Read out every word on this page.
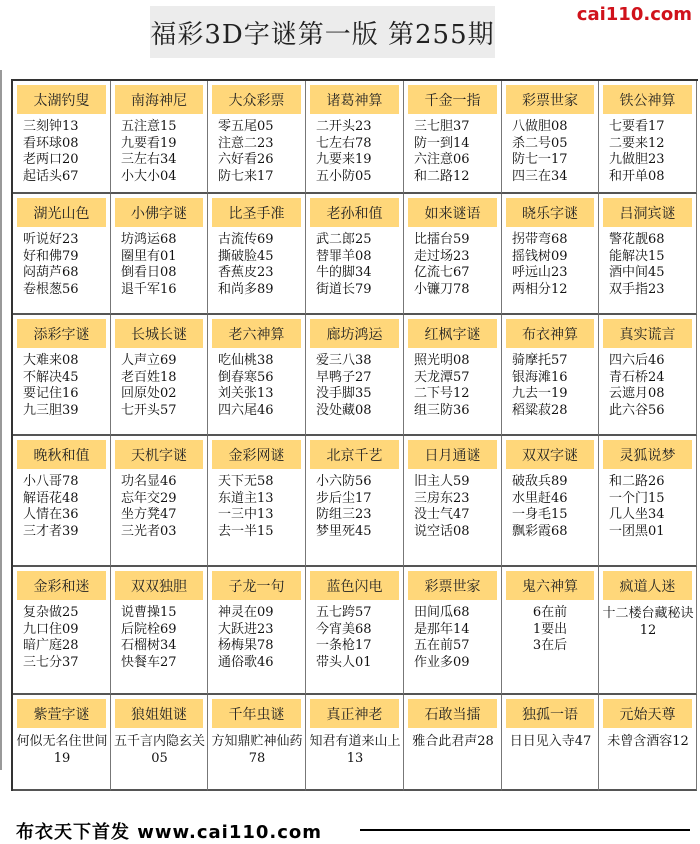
福彩3D字谜第一版 第255期
cai110.com
太湖钓叟
三刻钟13
看环球08
老两口20
起话头67
南海神尼
五注意15
九要看19
三左右34
小大小04
大众彩票
零五尾05
注意二23
六好看26
防七来17
诸葛神算
二开头23
七左右78
九要来19
五小防05
千金一指
三七胆37
防一到14
六注意06
和二路12
彩票世家
八做胆08
杀二号05
防七一17
四三在34
铁公神算
七要看17
二要来12
九做胆23
和开单08
湖光山色
听说好23
好和佛79
闷葫芦68
卷根葱56
小佛字谜
坊鸿运68
圈里有01
倒看日08
退千军16
比圣手准
古流传69
撕破脸45
香蕉皮23
和尚多89
老孙和值
武二郎25
替罪羊08
牛的脚34
街道长79
如来谜语
比擂台59
走过场23
亿流七67
小镰刀78
晓乐字谜
拐带弯68
摇钱树09
呼远山23
两相分12
吕洞宾谜
警花靓68
能解决15
酒中间45
双手指23
添彩字谜
大难来08
不解决45
要记住16
九三胆39
长城长谜
人声立69
老百姓18
回原处02
七开头57
老六神算
吃仙桃38
倒春寒56
刘关张13
四六尾46
廊坊鸿运
爱三八38
早鸭子27
没手脚35
没处藏08
红枫字谜
照光明08
天龙潭57
二下号12
组三防36
布衣神算
骑摩托57
银海滩16
九去一19
稻粱菽28
真实谎言
四六后46
青石桥24
云遮月08
此六谷56
晚秋和值
小八哥78
解语花48
人情在36
三才者39
天机字谜
功名显46
忘年交29
坐方凳47
三光者03
金彩网谜
天下无58
东道主13
一三中13
去一半15
北京千艺
小六防56
步后尘17
防组三23
梦里死45
日月通谜
旧主人59
三房东23
没士气47
说空话08
双双字谜
破敌兵89
水里赶46
一身毛15
飘彩霞68
灵狐说梦
和二路26
一个门15
几人坐34
一团黑01
金彩和迷
复杂做25
九口住09
暗广庭28
三七分37
双双独胆
说曹操15
后院栓69
石榴树34
快餐车27
子龙一句
神灵在09
大跃进23
杨梅果78
通俗歌46
蓝色闪电
五七跨57
今宵美68
一条枪17
带头人01
彩票世家
田间瓜68
是那年14
五在前57
作业多09
鬼六神算
6在前
1要出
3在后
疯道人迷
十二楼台藏秘诀12
紫萱字谜
何似无名住世间19
狼姐姐谜
五千言内隐玄关05
千年虫谜
方知鼎贮神仙药78
真正神老
知君有道来山上13
石敢当擂
雅合此君声28
独孤一语
日日见入寺47
元始天尊
未曾含酒容12
布衣天下首发 www.cai110.com
